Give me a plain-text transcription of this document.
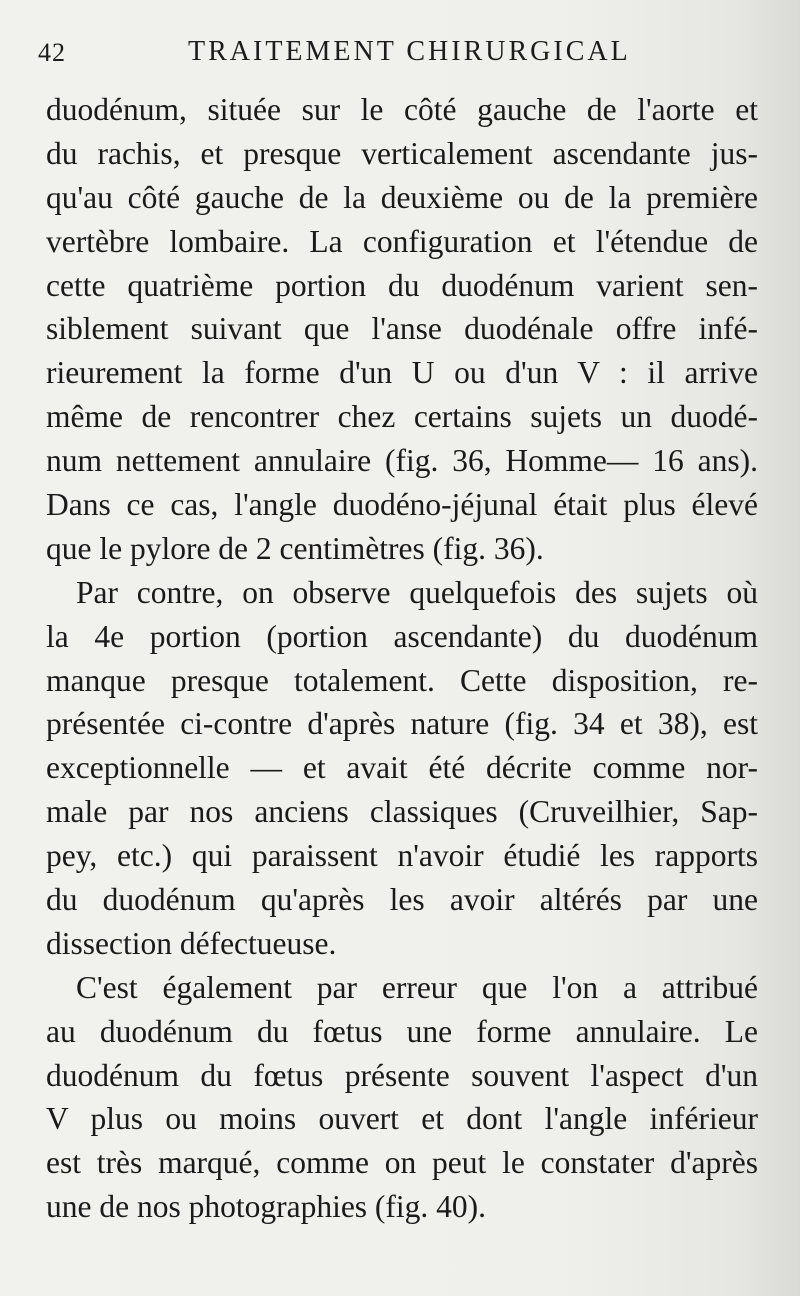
42	TRAITEMENT CHIRURGICAL
duodénum, située sur le côté gauche de l'aorte et
du rachis, et presque verticalement ascendante jus-
qu'au côté gauche de la deuxième ou de la première
vertèbre lombaire. La configuration et l'étendue de
cette quatrième portion du duodénum varient sen-
siblement suivant que l'anse duodénale offre infé-
rieurement la forme d'un U ou d'un V : il arrive
même de rencontrer chez certains sujets un duodé-
num nettement annulaire (fig. 36, Homme— 16 ans).
Dans ce cas, l'angle duodéno-jéjunal était plus élevé
que le pylore de 2 centimètres (fig. 36).
Par contre, on observe quelquefois des sujets où
la 4e portion (portion ascendante) du duodénum
manque presque totalement. Cette disposition, re-
présentée ci-contre d'après nature (fig. 34 et 38), est
exceptionnelle — et avait été décrite comme nor-
male par nos anciens classiques (Cruveilhier, Sap-
pey, etc.) qui paraissent n'avoir étudié les rapports
du duodénum qu'après les avoir altérés par une
dissection défectueuse.
C'est également par erreur que l'on a attribué
au duodénum du fœtus une forme annulaire. Le
duodénum du fœtus présente souvent l'aspect d'un
V plus ou moins ouvert et dont l'angle inférieur
est très marqué, comme on peut le constater d'après
une de nos photographies (fig. 40).
